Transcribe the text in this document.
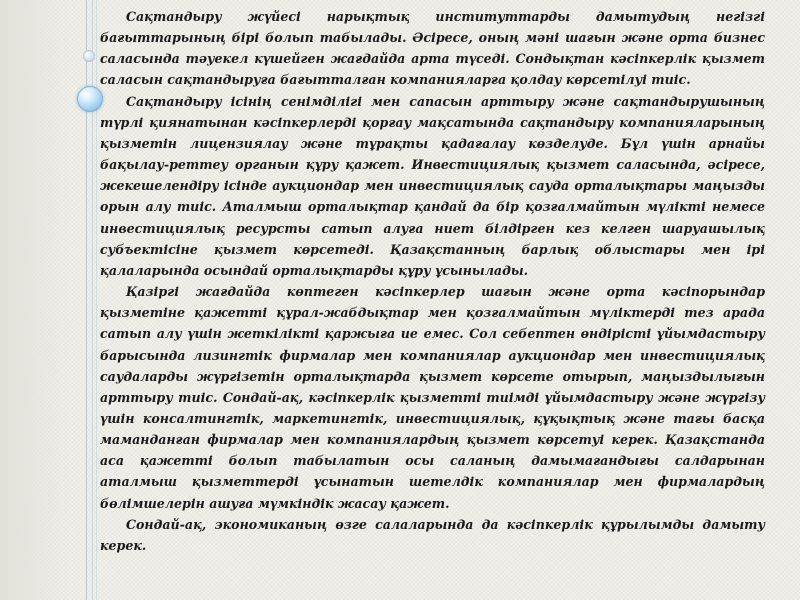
Сақтандыру жүйесі нарықтық институттарды дамытудың негізгі бағыттарының бірі болып табылады. Әсіресе, оның мәні шағын және орта бизнес саласында тәуекел күшейген жағдайда арта түседі. Сондықтан кәсіпкерлік қызмет саласын сақтандыруға бағытталған компанияларға қолдау көрсетілуі тиіс.

Сақтандыру ісінің сенімділігі мен сапасын арттыру және сақтандырушының түрлі қиянатынан кәсіпкерлерді қорғау мақсатында сақтандыру компанияларының қызметін лицензиялау және тұрақты қадағалау көзделуде. Бұл үшін арнайы бақылау-реттеу органын құру қажет. Инвестициялық қызмет саласында, әсіресе, жекешелендіру ісінде аукциондар мен инвестициялық сауда орталықтары маңызды орын алу тиіс. Аталмыш орталықтар қандай да бір қозғалмайтын мүлікті немесе инвестициялық ресурсты сатып алуға ниет білдірген кез келген шаруашылық субъектісіне қызмет көрсетеді. Қазақстанның барлық облыстары мен ірі қалаларында осындай орталықтарды құру ұсынылады.

Қазіргі жағдайда көптеген кәсіпкерлер шағын және орта кәсіпорындар қызметіне қажетті құрал-жабдықтар мен қозғалмайтын мүліктерді тез арада сатып алу үшін жеткілікті қаржыға ие емес. Сол себептен өндірісті ұйымдастыру барысында лизингтік фирмалар мен компаниялар аукциондар мен инвестициялық саудаларды жүргізетін орталықтарда қызмет көрсете отырып, маңыздылығын арттыру тиіс. Сондай-ақ, кәсіпкерлік қызметті тиімді ұйымдастыру және жүргізу үшін консалтингтік, маркетингтік, инвестициялық, құқықтық және тағы басқа маманданған фирмалар мен компаниялардың қызмет көрсетуі керек. Қазақстанда аса қажетті болып табылатын осы саланың дамымағандығы салдарынан аталмыш қызметтерді ұсынатын шетелдік компаниялар мен фирмалардың бөлімшелерін ашуға мүмкіндік жасау қажет.

Сондай-ақ, экономиканың өзге салаларында да кәсіпкерлік құрылымды дамыту керек.
